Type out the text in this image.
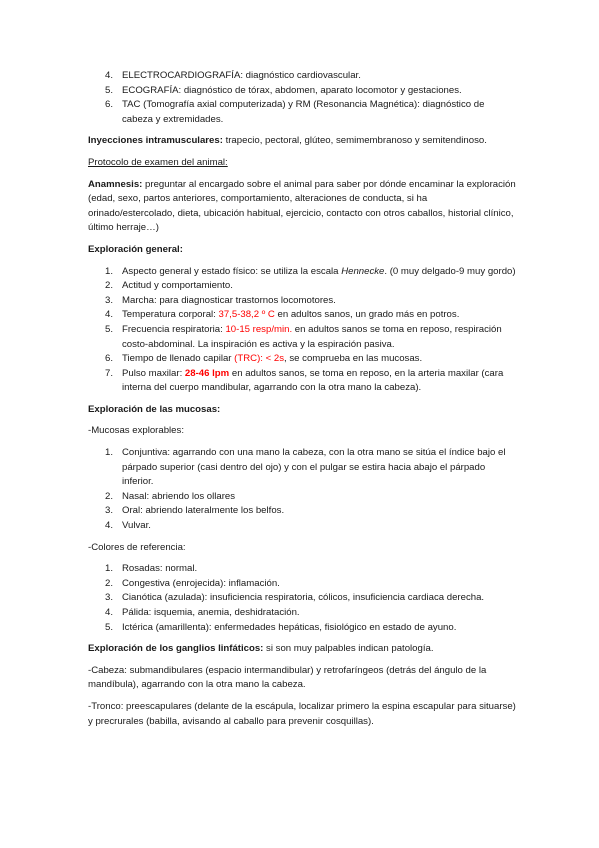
4. ELECTROCARDIOGRAFÍA: diagnóstico cardiovascular.
5. ECOGRAFÍA: diagnóstico de tórax, abdomen, aparato locomotor y gestaciones.
6. TAC (Tomografía axial computerizada) y RM (Resonancia Magnética): diagnóstico de cabeza y extremidades.

Inyecciones intramusculares: trapecio, pectoral, glúteo, semimembranoso y semitendinoso.

Protocolo de examen del animal:

Anamnesis: preguntar al encargado sobre el animal para saber por dónde encaminar la exploración (edad, sexo, partos anteriores, comportamiento, alteraciones de conducta, si ha orinado/estercolado, dieta, ubicación habitual, ejercicio, contacto con otros caballos, historial clínico, último herraje…)

Exploración general:

1. Aspecto general y estado físico: se utiliza la escala Hennecke. (0 muy delgado-9 muy gordo)
2. Actitud y comportamiento.
3. Marcha: para diagnosticar trastornos locomotores.
4. Temperatura corporal: 37,5-38,2 º C en adultos sanos, un grado más en potros.
5. Frecuencia respiratoria: 10-15 resp/min. en adultos sanos se toma en reposo, respiración costo-abdominal. La inspiración es activa y la espiración pasiva.
6. Tiempo de llenado capilar (TRC): < 2s, se comprueba en las mucosas.
7. Pulso maxilar: 28-46 lpm en adultos sanos, se toma en reposo, en la arteria maxilar (cara interna del cuerpo mandibular, agarrando con la otra mano la cabeza).

Exploración de las mucosas:

-Mucosas explorables:

1. Conjuntiva: agarrando con una mano la cabeza, con la otra mano se sitúa el índice bajo el párpado superior (casi dentro del ojo) y con el pulgar se estira hacia abajo el párpado inferior.
2. Nasal: abriendo los ollares
3. Oral: abriendo lateralmente los belfos.
4. Vulvar.

-Colores de referencia:

1. Rosadas: normal.
2. Congestiva (enrojecida): inflamación.
3. Cianótica (azulada): insuficiencia respiratoria, cólicos, insuficiencia cardiaca derecha.
4. Pálida: isquemia, anemia, deshidratación.
5. Ictérica (amarillenta): enfermedades hepáticas, fisiológico en estado de ayuno.

Exploración de los ganglios linfáticos: si son muy palpables indican patología.

-Cabeza: submandibulares (espacio intermandibular) y retrofaríngeos (detrás del ángulo de la mandíbula), agarrando con la otra mano la cabeza.

-Tronco: preescapulares (delante de la escápula, localizar primero la espina escapular para situarse) y precrurales (babilla, avisando al caballo para prevenir cosquillas).
